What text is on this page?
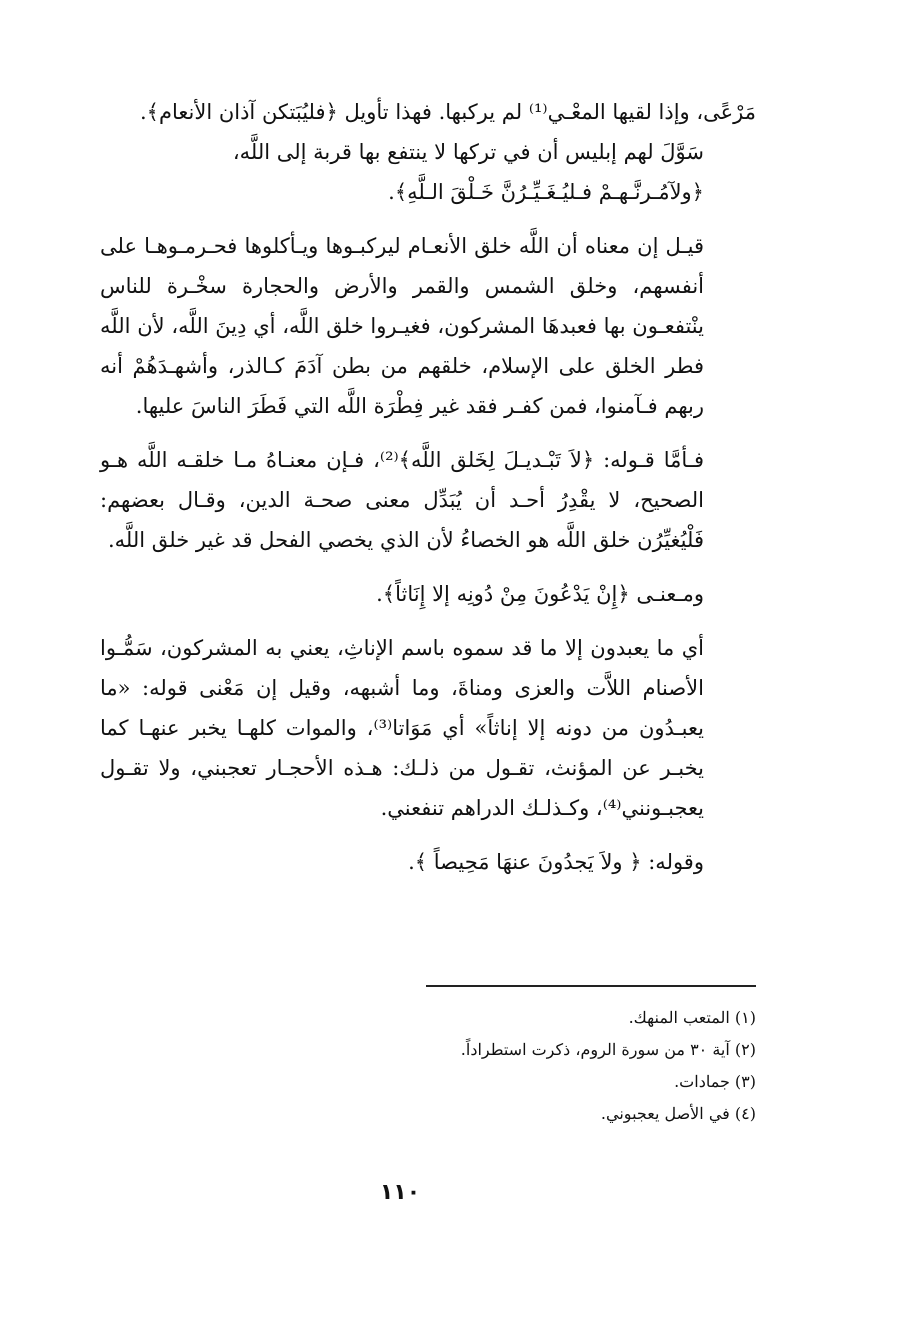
مَرْعًى، وإذا لقيها المعْـي⁽¹⁾ لم يركبها. فهذا تأويل ﴿فليُبَتكن آذان الأنعام﴾.

سَوَّلَ لهم إبليس أن في تركها لا ينتفع بها قربة إلى اللَّه،

﴿ولآمُـرنَّـهـمْ فـليُـغَـيِّـرُنَّ خَـلْقَ الـلَّهِ﴾.

قيـل إن معناه أن اللَّه خلق الأنعـام ليركبـوها ويـأكلوها فحـرمـوهـا على أنفسهم، وخلق الشمس والقمر والأرض والحجارة سخْـرة للناس ينْتفعـون بها فعبدهَا المشركون، فغيـروا خلق اللَّه، أي دِينَ اللَّه، لأن اللَّه فطر الخلق على الإسلام، خلقهم من بطن آدَمَ كـالذر، وأشهـدَهُمْ أنه ربهم فـآمنوا، فمن كفـر فقد غير فِطْرَة اللَّه التي فَطَرَ الناسَ عليها.

فـأمَّا قـوله: ﴿لاَ تَبْـديـلَ لِخَلق اللَّه﴾⁽²⁾، فـإن معنـاهُ مـا خلقـه اللَّه هـو الصحيح، لا يقْدِرُ أحـد أن يُبَدِّل معنى صحـة الدين، وقـال بعضهم: فَلْيُغيِّرُن خلق اللَّه هو الخصاءُ لأن الذي يخصي الفحل قد غير خلق اللَّه.

ومـعنـى ﴿إِنْ يَدْعُونَ مِنْ دُونِه إلا إِنَاثاً﴾.

أي ما يعبدون إلا ما قد سموه باسم الإناثِ، يعني به المشركون، سَمُّـوا الأصنام اللاَّت والعزى ومناةَ، وما أشبهه، وقيل إن مَعْنى قوله: «ما يعبـدُون من دونه إلا إناثاً» أي مَوَاتا⁽³⁾، والموات كلهـا يخبر عنهـا كما يخبـر عن المؤنث، تقـول من ذلـك: هـذه الأحجـار تعجبني، ولا تقـول يعجبـونني⁽⁴⁾، وكـذلـك الدراهم تنفعني.

وقوله: ﴿ ولاَ يَجدُونَ عنهَا مَحِيصاً ﴾.

(١) المتعب المنهك.
(٢) آية ٣٠ من سورة الروم، ذكرت استطراداً.
(٣) جمادات.
(٤) في الأصل يعجبوني.
١١٠
